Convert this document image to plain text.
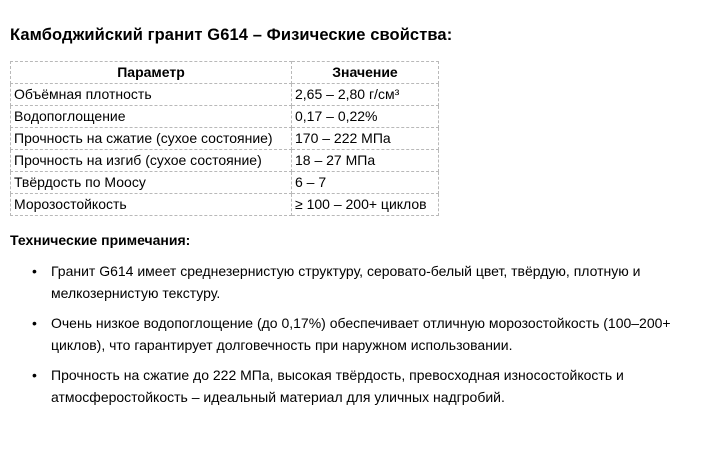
Камбоджийский гранит G614 – Физические свойства:
Параметр	Значение
Объёмная плотность	2,65 – 2,80 г/см³
Водопоглощение	0,17 – 0,22%
Прочность на сжатие (сухое состояние)	170 – 222 МПа
Прочность на изгиб (сухое состояние)	18 – 27 МПа
Твёрдость по Моосу	6 – 7
Морозостойкость	≥ 100 – 200+ циклов
Технические примечания:
• Гранит G614 имеет среднезернистую структуру, серовато-белый цвет, твёрдую, плотную и мелкозернистую текстуру.
• Очень низкое водопоглощение (до 0,17%) обеспечивает отличную морозостойкость (100–200+ циклов), что гарантирует долговечность при наружном использовании.
• Прочность на сжатие до 222 МПа, высокая твёрдость, превосходная износостойкость и атмосферостойкость – идеальный материал для уличных надгробий.
